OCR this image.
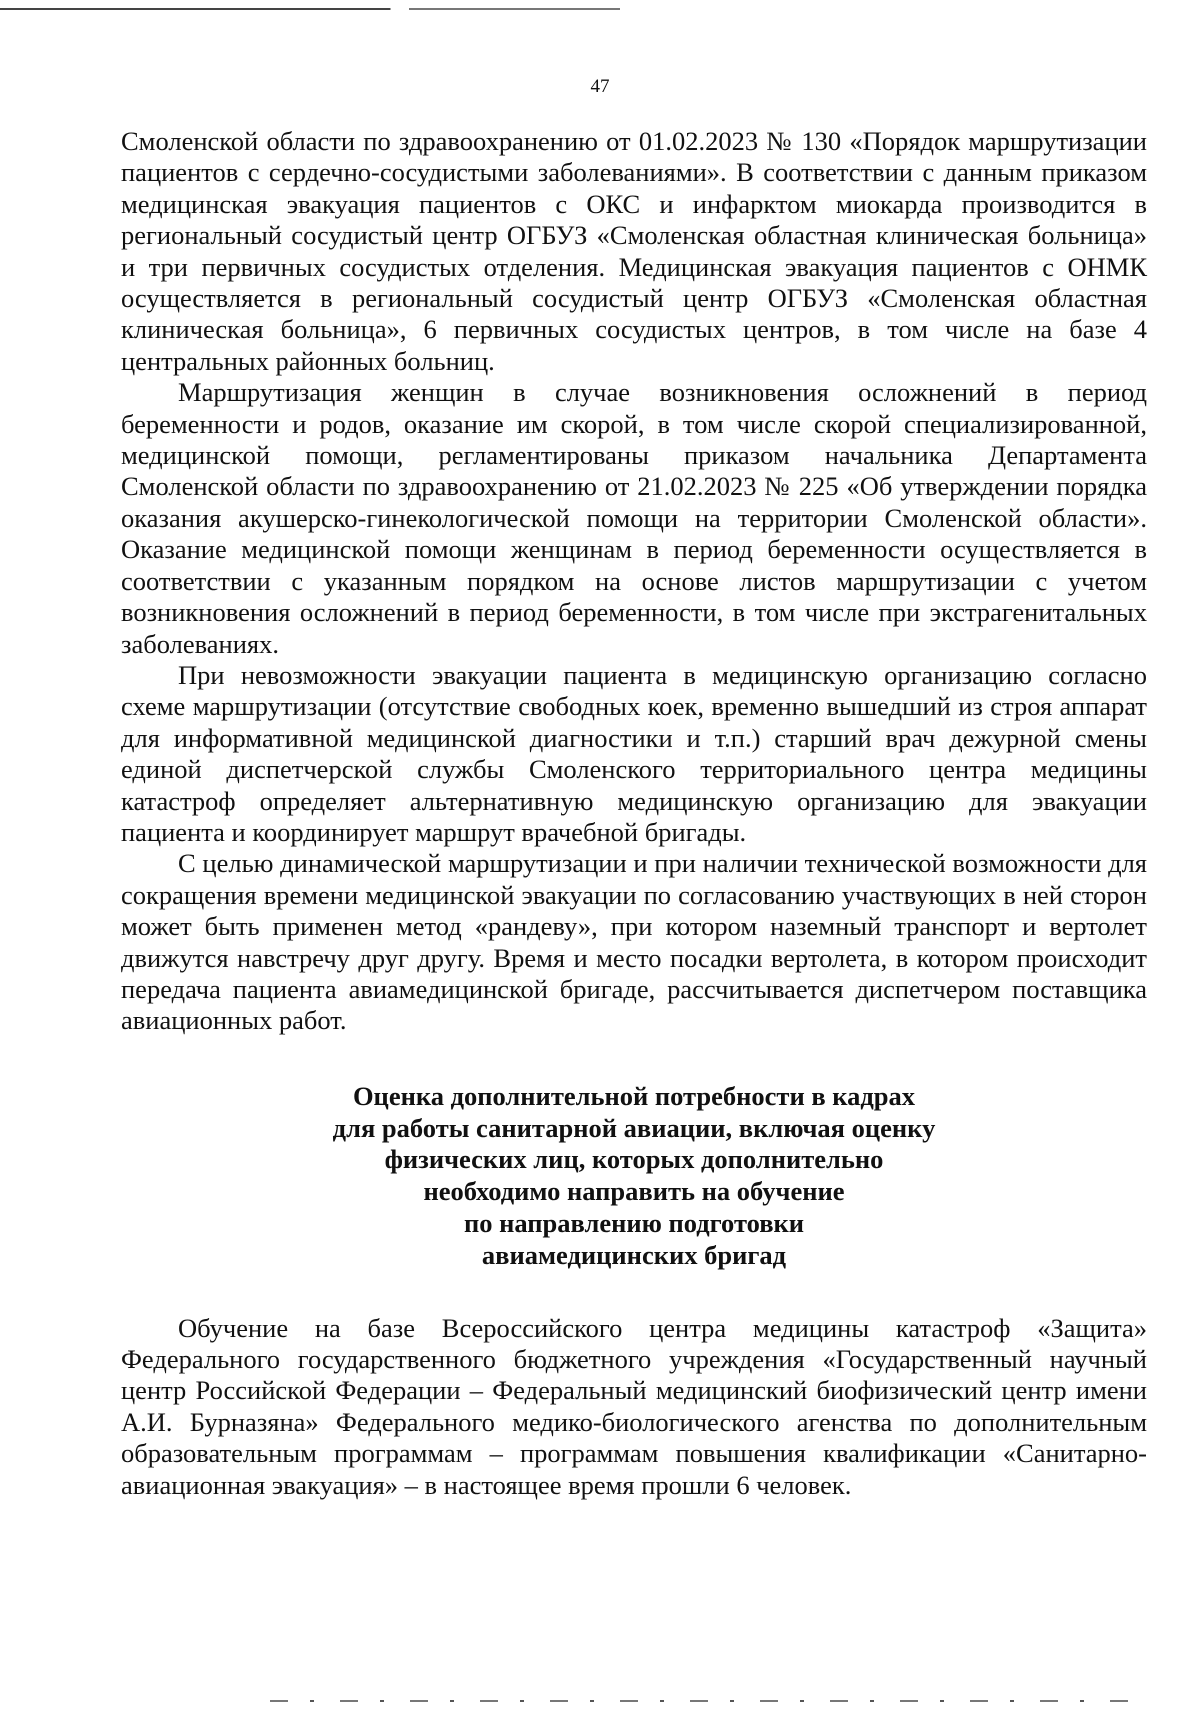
47

Смоленской области по здравоохранению от 01.02.2023 № 130 «Порядок маршрутизации пациентов с сердечно-сосудистыми заболеваниями». В соответствии с данным приказом медицинская эвакуация пациентов с ОКС и инфарктом миокарда производится в региональный сосудистый центр ОГБУЗ «Смоленская областная клиническая больница» и три первичных сосудистых отделения. Медицинская эвакуация пациентов с ОНМК осуществляется в региональный сосудистый центр ОГБУЗ «Смоленская областная клиническая больница», 6 первичных сосудистых центров, в том числе на базе 4 центральных районных больниц.

Маршрутизация женщин в случае возникновения осложнений в период беременности и родов, оказание им скорой, в том числе скорой специализированной, медицинской помощи, регламентированы приказом начальника Департамента Смоленской области по здравоохранению от 21.02.2023 № 225 «Об утверждении порядка оказания акушерско-гинекологической помощи на территории Смоленской области». Оказание медицинской помощи женщинам в период беременности осуществляется в соответствии с указанным порядком на основе листов маршрутизации с учетом возникновения осложнений в период беременности, в том числе при экстрагенитальных заболеваниях.

При невозможности эвакуации пациента в медицинскую организацию согласно схеме маршрутизации (отсутствие свободных коек, временно вышедший из строя аппарат для информативной медицинской диагностики и т.п.) старший врач дежурной смены единой диспетчерской службы Смоленского территориального центра медицины катастроф определяет альтернативную медицинскую организацию для эвакуации пациента и координирует маршрут врачебной бригады.

С целью динамической маршрутизации и при наличии технической возможности для сокращения времени медицинской эвакуации по согласованию участвующих в ней сторон может быть применен метод «рандеву», при котором наземный транспорт и вертолет движутся навстречу друг другу. Время и место посадки вертолета, в котором происходит передача пациента авиамедицинской бригаде, рассчитывается диспетчером поставщика авиационных работ.

Оценка дополнительной потребности в кадрах
для работы санитарной авиации, включая оценку
физических лиц, которых дополнительно
необходимо направить на обучение
по направлению подготовки
авиамедицинских бригад

Обучение на базе Всероссийского центра медицины катастроф «Защита» Федерального государственного бюджетного учреждения «Государственный научный центр Российской Федерации – Федеральный медицинский биофизический центр имени А.И. Бурназяна» Федерального медико-биологического агенства по дополнительным образовательным программам – программам повышения квалификации «Санитарно-авиационная эвакуация» – в настоящее время прошли 6 человек.
